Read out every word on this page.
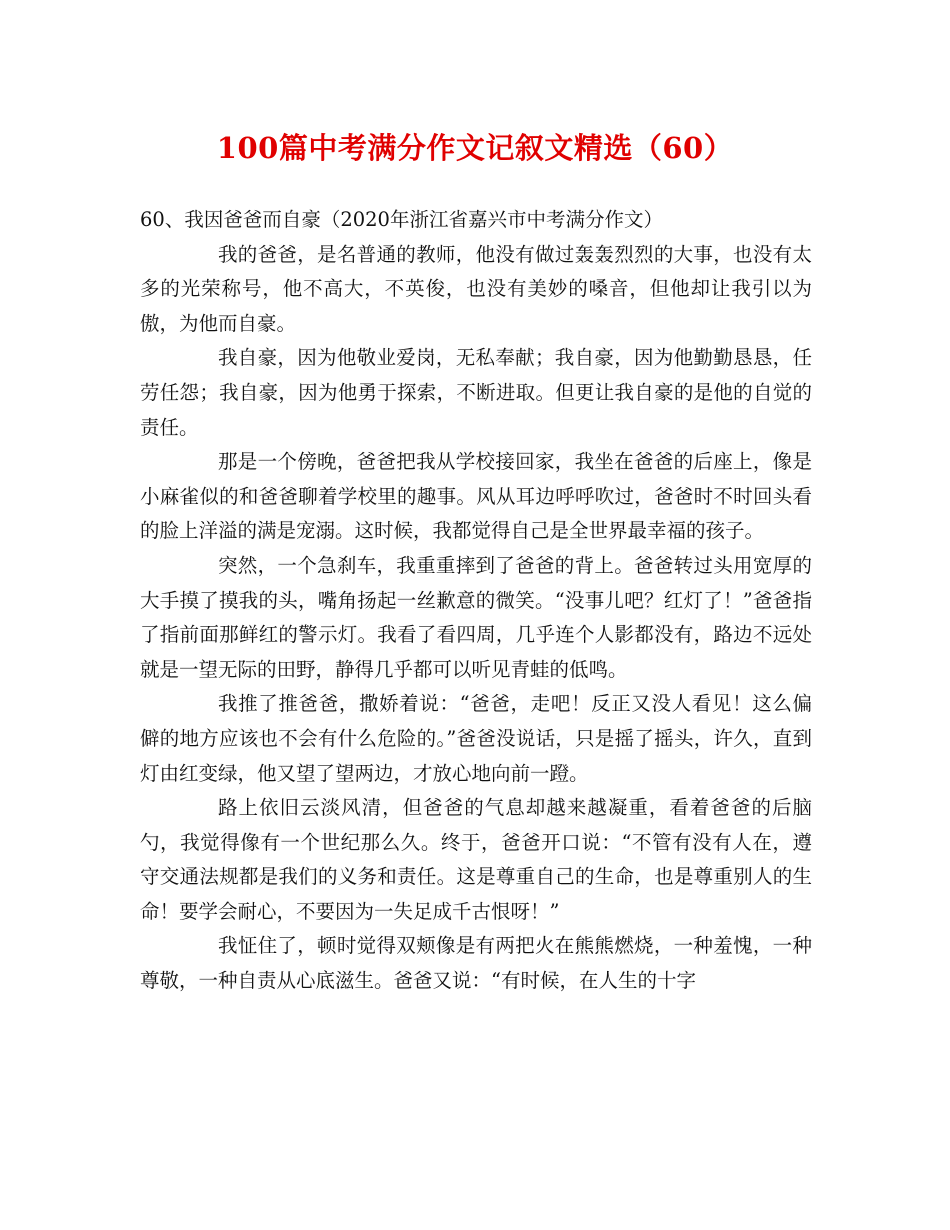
100篇中考满分作文记叙文精选（60）

60、我因爸爸而自豪（2020年浙江省嘉兴市中考满分作文）

我的爸爸，是名普通的教师，他没有做过轰轰烈烈的大事，也没有太多的光荣称号，他不高大，不英俊，也没有美妙的嗓音，但他却让我引以为傲，为他而自豪。

我自豪，因为他敬业爱岗，无私奉献；我自豪，因为他勤勤恳恳，任劳任怨；我自豪，因为他勇于探索，不断进取。但更让我自豪的是他的自觉的责任。

那是一个傍晚，爸爸把我从学校接回家，我坐在爸爸的后座上，像是小麻雀似的和爸爸聊着学校里的趣事。风从耳边呼呼吹过，爸爸时不时回头看的脸上洋溢的满是宠溺。这时候，我都觉得自己是全世界最幸福的孩子。

突然，一个急刹车，我重重摔到了爸爸的背上。爸爸转过头用宽厚的大手摸了摸我的头，嘴角扬起一丝歉意的微笑。“没事儿吧？红灯了！”爸爸指了指前面那鲜红的警示灯。我看了看四周，几乎连个人影都没有，路边不远处就是一望无际的田野，静得几乎都可以听见青蛙的低鸣。

我推了推爸爸，撒娇着说：“爸爸，走吧！反正又没人看见！这么偏僻的地方应该也不会有什么危险的。”爸爸没说话，只是摇了摇头，许久，直到灯由红变绿，他又望了望两边，才放心地向前一蹬。

路上依旧云淡风清，但爸爸的气息却越来越凝重，看着爸爸的后脑勺，我觉得像有一个世纪那么久。终于，爸爸开口说：“不管有没有人在，遵守交通法规都是我们的义务和责任。这是尊重自己的生命，也是尊重别人的生命！要学会耐心，不要因为一失足成千古恨呀！”

我怔住了，顿时觉得双颊像是有两把火在熊熊燃烧，一种羞愧，一种尊敬，一种自责从心底滋生。爸爸又说：“有时候，在人生的十字
